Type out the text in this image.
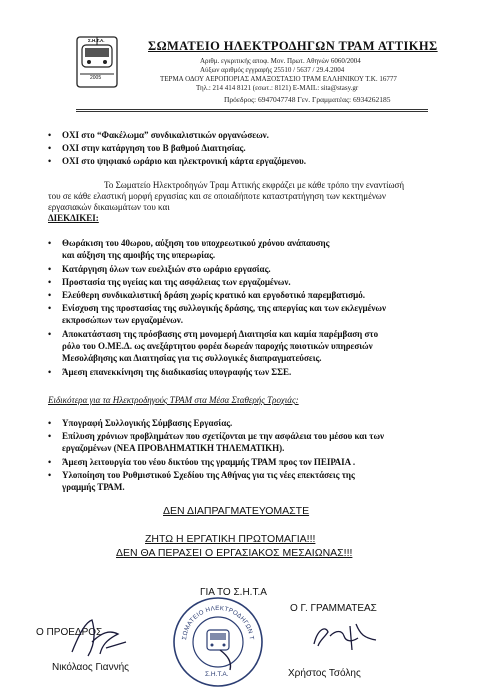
Σ.Η.Τ.Α.
2005
ΣΩΜΑΤΕΙΟ ΗΛΕΚΤΡΟΔΗΓΩΝ ΤΡΑΜ ΑΤΤΙΚΗΣ
Αριθμ. εγκριτικής αποφ. Μον. Πρωτ. Αθηνών 6060/2004
Αύξων αριθμός εγγραφής 25510 / 5637 / 29.4.2004
ΤΕΡΜΑ ΟΔΟΥ ΑΕΡΟΠΟΡΙΑΣ ΑΜΑΞΟΣΤΑΣΙΟ ΤΡΑΜ ΕΛΛΗΝΙΚΟΥ Τ.Κ. 16777
Τηλ.: 214 414 8121 (εσωτ.: 8121) E-MAIL: sita@stasy.gr
Πρόεδρος: 6947047748 Γεν. Γραμματέας: 6934262185
• ΟΧΙ στο “Φακέλωμα” συνδικαλιστικών οργανώσεων.
• ΟΧΙ στην κατάργηση του Β βαθμού Διαιτησίας.
• ΟΧΙ στο ψηφιακό ωράριο και ηλεκτρονική κάρτα εργαζόμενου.
Το Σωματείο Ηλεκτροδηγών Τραμ Αττικής εκφράζει με κάθε τρόπο την εναντίωσή
του σε κάθε ελαστική μορφή εργασίας και σε οποιαδήποτε καταστρατήγηση των κεκτημένων
εργασιακών δικαιωμάτων του και
ΔΙΕΚΔΙΚΕΙ:
• Θωράκιση του 40ωρου, αύξηση του υποχρεωτικού χρόνου ανάπαυσης
και αύξηση της αμοιβής της υπερωρίας.
• Κατάργηση όλων των ευελιξιών στο ωράριο εργασίας.
• Προστασία της υγείας και της ασφάλειας των εργαζομένων.
• Ελεύθερη συνδικαλιστική δράση χωρίς κρατικό και εργοδοτικό παρεμβατισμό.
• Ενίσχυση της προστασίας της συλλογικής δράσης, της απεργίας και των εκλεγμένων
εκπροσώπων των εργαζομένων.
• Αποκατάσταση της πρόσβασης στη μονομερή Διαιτησία και καμία παρέμβαση στο
ρόλο του Ο.ΜΕ.Δ. ως ανεξάρτητου φορέα δωρεάν παροχής ποιοτικών υπηρεσιών
Μεσολάβησης και Διαιτησίας για τις συλλογικές διαπραγματεύσεις.
• Άμεση επανεκκίνηση της διαδικασίας υπογραφής των ΣΣΕ.
Ειδικότερα για τα Ηλεκτροδηγούς ΤΡΑΜ στα Μέσα Σταθερής Τροχιάς:
• Υπογραφή Συλλογικής Σύμβασης Εργασίας.
• Επίλυση χρόνιων προβλημάτων που σχετίζονται με την ασφάλεια του μέσου και των
εργαζομένων (ΝΕΑ ΠΡΟΒΛΗΜΑΤΙΚΗ ΤΗΛΕΜΑΤΙΚΗ).
• Άμεση λειτουργία του νέου δικτύου της γραμμής ΤΡΑΜ προς τον ΠΕΙΡΑΙΑ .
• Υλοποίηση του Ρυθμιστικού Σχεδίου της Αθήνας για τις νέες επεκτάσεις της
γραμμής ΤΡΑΜ.
ΔΕΝ ΔΙΑΠΡΑΓΜΑΤΕΥΟΜΑΣΤΕ
ΖΗΤΩ Η ΕΡΓΑΤΙΚΗ ΠΡΩΤΟΜΑΓΙΑ!!!
ΔΕΝ ΘΑ ΠΕΡΑΣΕΙ Ο ΕΡΓΑΣΙΑΚΟΣ ΜΕΣΑΙΩΝΑΣ!!!
ΓΙΑ ΤΟ Σ.Η.Τ.Α
Ο ΠΡΟΕΔΡΟΣ
Νικόλαος Γιαννής
ΣΩΜΑΤΕΙΟ ΗΛΕΚΤΡΟΔΗΓΩΝ Τ
Σ.Η.Τ.Α.
Ο Γ. ΓΡΑΜΜΑΤΕΑΣ
Χρήστος Τσόλης
